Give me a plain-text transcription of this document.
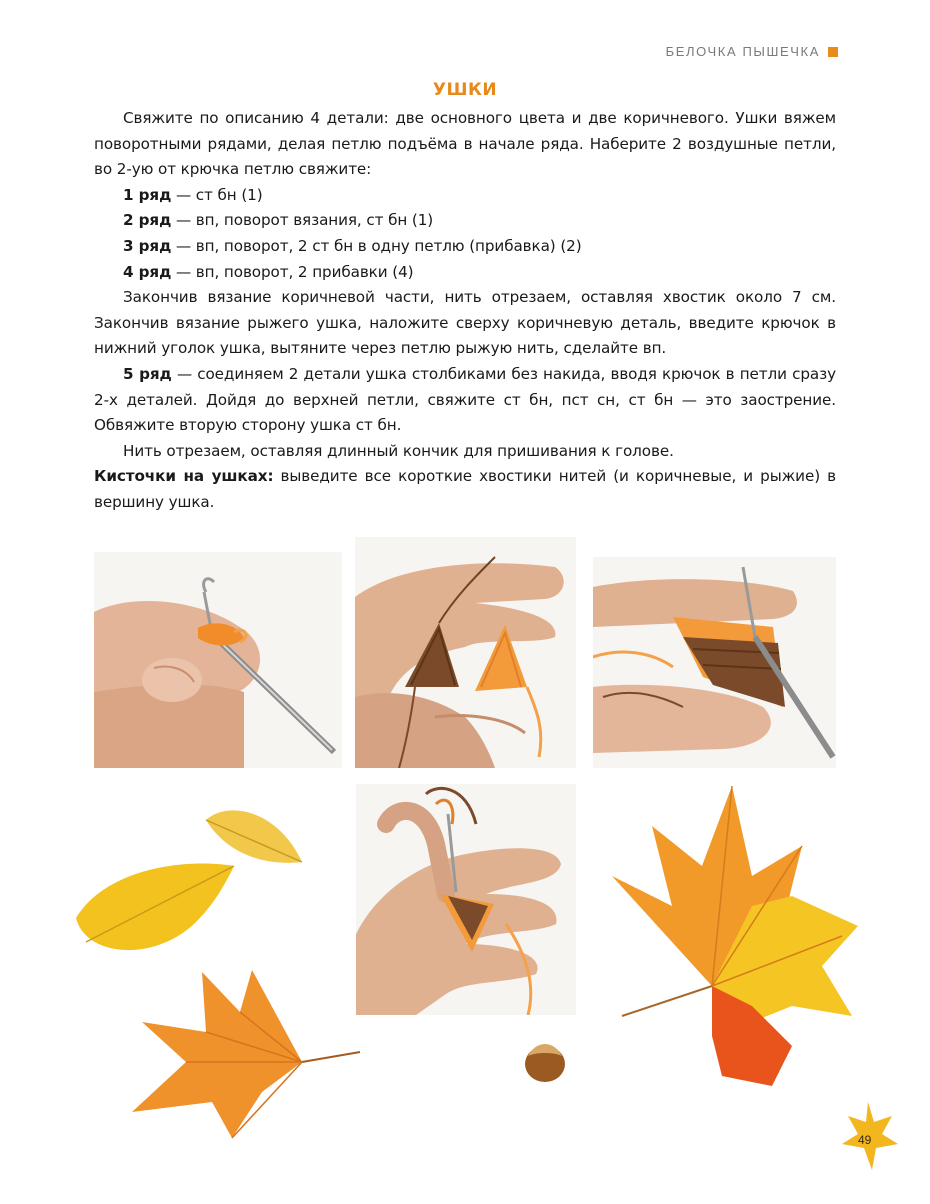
БЕЛОЧКА ПЫШЕЧКА
УШКИ

Свяжите по описанию 4 детали: две основного цвета и две коричневого. Ушки вяжем поворотными рядами, делая петлю подъёма в начале ряда. Наберите 2 воздушные петли, во 2-ую от крючка петлю свяжите:

1 ряд — ст бн (1)

2 ряд — вп, поворот вязания, ст бн (1)

3 ряд — вп, поворот, 2 ст бн в одну петлю (прибавка) (2)

4 ряд — вп, поворот, 2 прибавки (4)

Закончив вязание коричневой части, нить отрезаем, оставляя хвостик около 7 см. Закончив вязание рыжего ушка, наложите сверху коричневую деталь, введите крючок в нижний уголок ушка, вытяните через петлю рыжую нить, сделайте вп.

5 ряд — соединяем 2 детали ушка столбиками без накида, вводя крючок в петли сразу 2-х деталей. Дойдя до верхней петли, свяжите ст бн, пст сн, ст бн — это заострение. Обвяжите вторую сторону ушка ст бн.

Нить отрезаем, оставляя длинный кончик для пришивания к голове.

Кисточки на ушках: выведите все короткие хвостики нитей (и коричневые, и рыжие) в вершину ушка.

49
